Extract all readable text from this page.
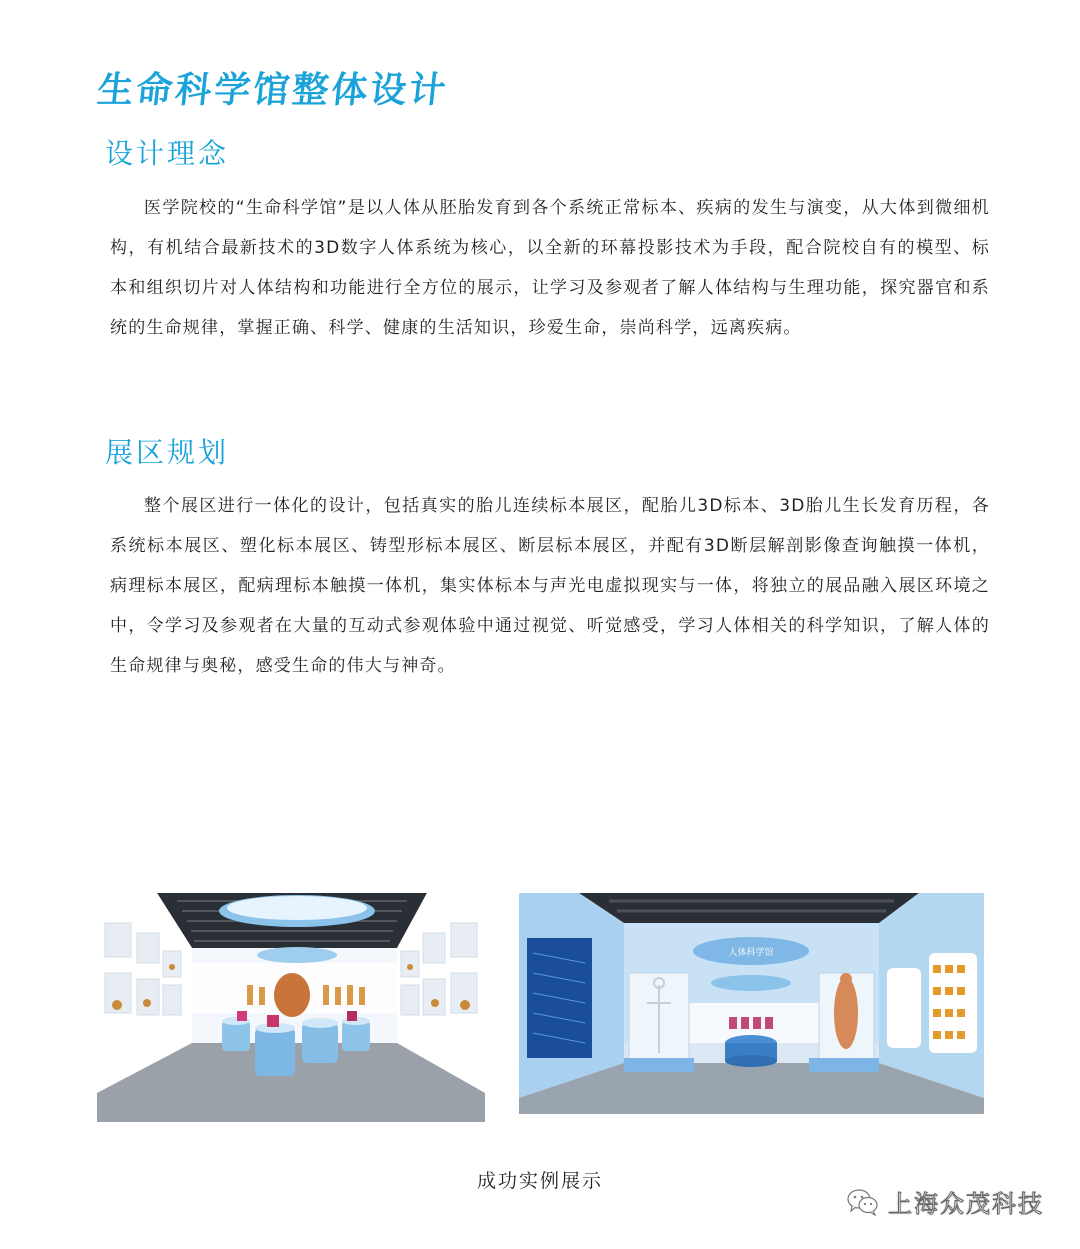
生命科学馆整体设计
设计理念

医学院校的“生命科学馆”是以人体从胚胎发育到各个系统正常标本、疾病的发生与演变，从大体到微细机构，有机结合最新技术的3D数字人体系统为核心，以全新的环幕投影技术为手段，配合院校自有的模型、标本和组织切片对人体结构和功能进行全方位的展示，让学习及参观者了解人体结构与生理功能，探究器官和系统的生命规律，掌握正确、科学、健康的生活知识，珍爱生命，崇尚科学，远离疾病。

展区规划

整个展区进行一体化的设计，包括真实的胎儿连续标本展区，配胎儿3D标本、3D胎儿生长发育历程，各系统标本展区、塑化标本展区、铸型形标本展区、断层标本展区，并配有3D断层解剖影像查询触摸一体机，病理标本展区，配病理标本触摸一体机，集实体标本与声光电虚拟现实与一体，将独立的展品融入展区环境之中，令学习及参观者在大量的互动式参观体验中通过视觉、听觉感受，学习人体相关的科学知识，了解人体的生命规律与奥秘，感受生命的伟大与神奇。

人体科学馆
成功实例展示
上海众茂科技
